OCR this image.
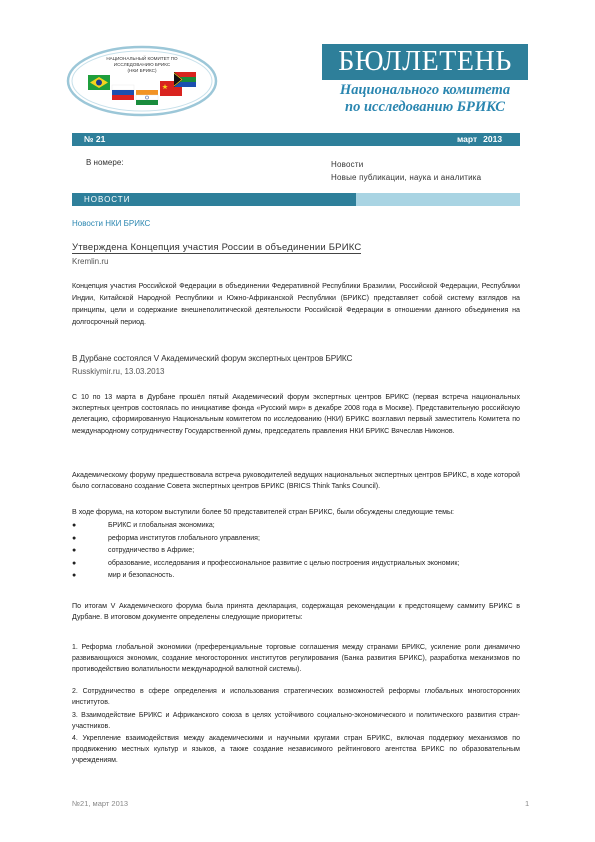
НАЦИОНАЛЬНЫЙ КОМИТЕТ ПО
ИССЛЕДОВАНИЮ БРИКС
(НКИ БРИКС)	БЮЛЛЕТЕНЬ
Национального комитета
по исследованию БРИКС
№ 21	март 2013
В номере:	Новости
Новые публикации, наука и аналитика
НОВОСТИ
Новости НКИ БРИКС
Утверждена Концепция участия России в объединении БРИКС
Kremlin.ru
Концепция участия Российской Федерации в объединении Федеративной Республики Бразилии, Российской Федерации, Республики Индии, Китайской Народной Республики и Южно-Африканской Республики (БРИКС) представляет собой систему взглядов на принципы, цели и содержание внешнеполитической деятельности Российской Федерации в отношении данного объединения на долгосрочный период.
В Дурбане состоялся V Академический форум экспертных центров БРИКС
Russkiymir.ru, 13.03.2013
С 10 по 13 марта в Дурбане прошёл пятый Академический форум экспертных центров БРИКС (первая встреча национальных экспертных центров состоялась по инициативе фонда «Русский мир» в декабре 2008 года в Москве). Представительную российскую делегацию, сформированную Национальным комитетом по исследованию (НКИ) БРИКС возглавил первый заместитель Комитета по международному сотрудничеству Государственной думы, председатель правления НКИ БРИКС Вячеслав Никонов.
Академическому форуму предшествовала встреча руководителей ведущих национальных экспертных центров БРИКС, в ходе которой было согласовано создание Совета экспертных центров БРИКС (BRICS Think Tanks Council).
В ходе форума, на котором выступили более 50 представителей стран БРИКС, были обсуждены следующие темы:
●	БРИКС и глобальная экономика;
●	реформа институтов глобального управления;
●	сотрудничество в Африке;
●	образование, исследования и профессиональное развитие с целью построения индустриальных экономик;
●	мир и безопасность.
По итогам V Академического форума была принята декларация, содержащая рекомендации к предстоящему саммиту БРИКС в Дурбане. В итоговом документе определены следующие приоритеты:
1. Реформа глобальной экономики (преференциальные торговые соглашения между странами БРИКС, усиление роли динамично развивающихся экономик, создание многосторонних институтов регулирования (Банка развития БРИКС), разработка механизмов по противодействию волатильности международной валютной системы).
2. Сотрудничество в сфере определения и использования стратегических возможностей реформы глобальных многосторонних институтов.
3. Взаимодействие БРИКС и Африканского союза в целях устойчивого социально-экономического и политического развития стран-участников.
4. Укрепление взаимодействия между академическими и научными кругами стран БРИКС, включая поддержку механизмов по продвижению местных культур и языков, а также создание независимого рейтингового агентства БРИКС по образовательным учреждениям.
№21, март 2013	1
